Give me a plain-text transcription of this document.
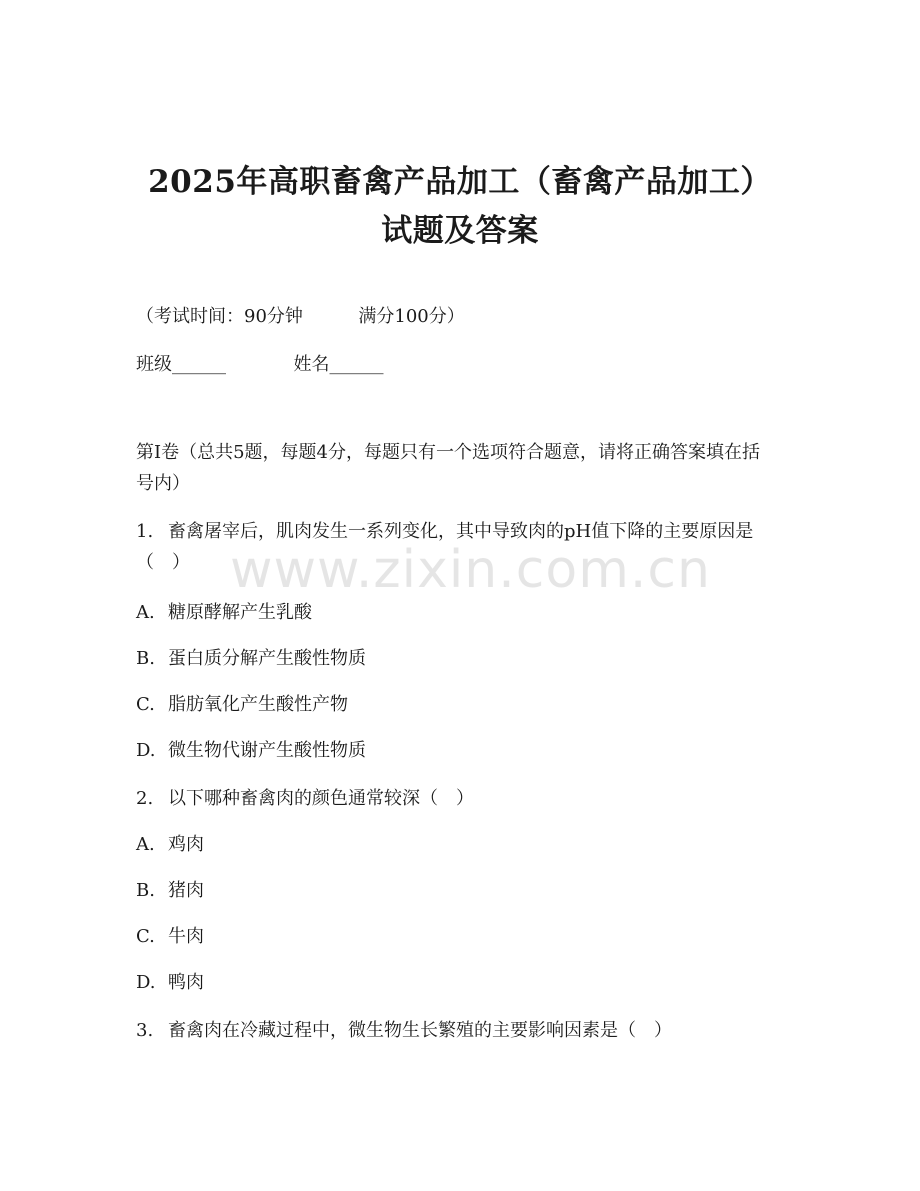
2025年高职畜禽产品加工（畜禽产品加工）
试题及答案
（考试时间：90分钟	满分100分）
班级______	姓名______
第I卷（总共5题，每题4分，每题只有一个选项符合题意，请将正确答案填在括号内）
1. 畜禽屠宰后，肌肉发生一系列变化，其中导致肉的pH值下降的主要原因是（　）
A. 糖原酵解产生乳酸
B. 蛋白质分解产生酸性物质
C. 脂肪氧化产生酸性产物
D. 微生物代谢产生酸性物质
2. 以下哪种畜禽肉的颜色通常较深（　）
A. 鸡肉
B. 猪肉
C. 牛肉
D. 鸭肉
3. 畜禽肉在冷藏过程中，微生物生长繁殖的主要影响因素是（　）
www.zixin.com.cn
